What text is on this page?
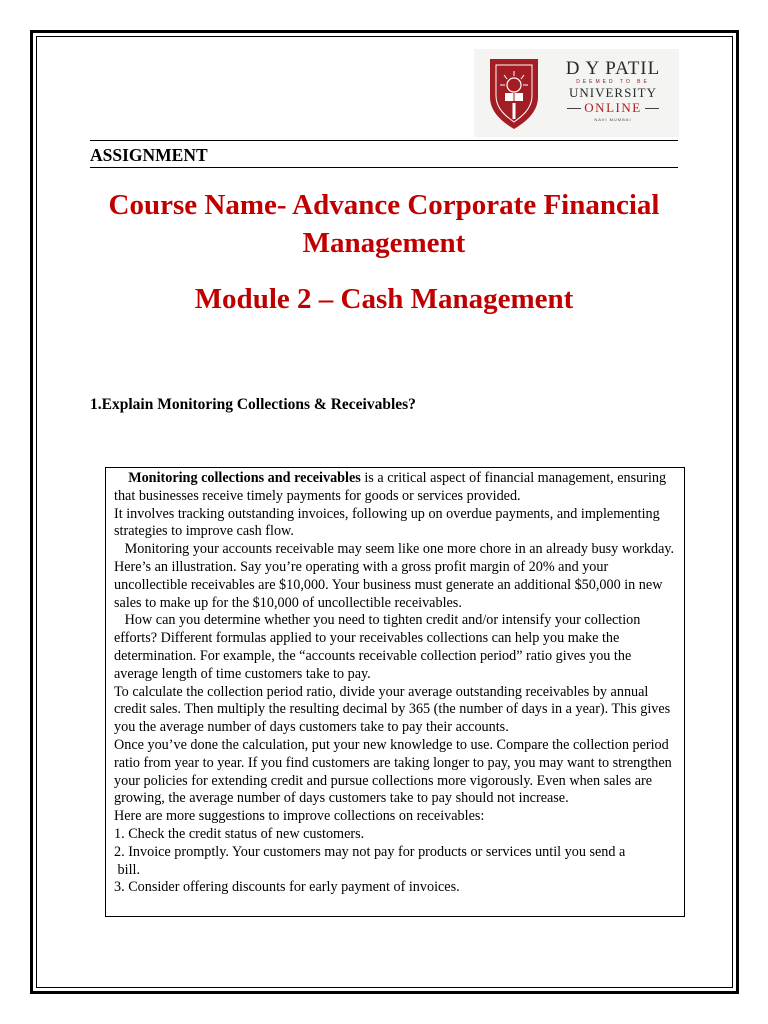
D Y PATIL
DEEMED TO BE
UNIVERSITY
ONLINE
NAVI MUMBAI
ASSIGNMENT
Course Name- Advance Corporate Financial Management
Module 2 – Cash Management
1.Explain Monitoring Collections & Receivables?

Monitoring collections and receivables is a critical aspect of financial management, ensuring that businesses receive timely payments for goods or services provided.

It involves tracking outstanding invoices, following up on overdue payments, and implementing strategies to improve cash flow.

Monitoring your accounts receivable may seem like one more chore in an already busy workday. Here’s an illustration. Say you’re operating with a gross profit margin of 20% and your uncollectible receivables are $10,000. Your business must generate an additional $50,000 in new sales to make up for the $10,000 of uncollectible receivables.

How can you determine whether you need to tighten credit and/or intensify your collection efforts? Different formulas applied to your receivables collections can help you make the determination. For example, the “accounts receivable collection period” ratio gives you the average length of time customers take to pay.

To calculate the collection period ratio, divide your average outstanding receivables by annual credit sales. Then multiply the resulting decimal by 365 (the number of days in a year). This gives you the average number of days customers take to pay their accounts.

Once you’ve done the calculation, put your new knowledge to use. Compare the collection period ratio from year to year. If you find customers are taking longer to pay, you may want to strengthen your policies for extending credit and pursue collections more vigorously. Even when sales are growing, the average number of days customers take to pay should not increase.

Here are more suggestions to improve collections on receivables:

1. Check the credit status of new customers.

2. Invoice promptly. Your customers may not pay for products or services until you send a
bill.

3. Consider offering discounts for early payment of invoices.
